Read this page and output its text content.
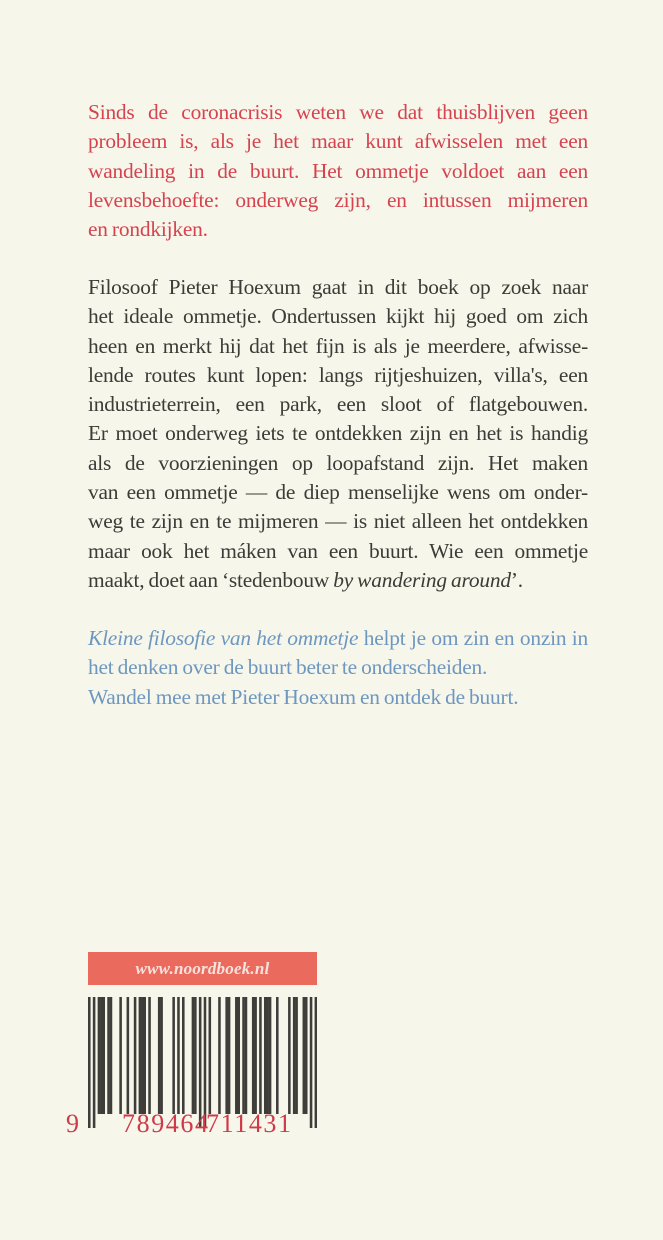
Sinds de coronacrisis weten we dat thuisblijven geen
probleem is, als je het maar kunt afwisselen met een
wandeling in de buurt. Het ommetje voldoet aan een
levensbehoefte: onderweg zijn, en intussen mijmeren
en rondkijken.
Filosoof Pieter Hoexum gaat in dit boek op zoek naar
het ideale ommetje. Ondertussen kijkt hij goed om zich
heen en merkt hij dat het fijn is als je meerdere, afwisse-
lende routes kunt lopen: langs rijtjeshuizen, villa's, een
industrieterrein, een park, een sloot of flatgebouwen.
Er moet onderweg iets te ontdekken zijn en het is handig
als de voorzieningen op loopafstand zijn. Het maken
van een ommetje — de diep menselijke wens om onder-
weg te zijn en te mijmeren — is niet alleen het ontdekken
maar ook het máken van een buurt. Wie een ommetje
maakt, doet aan ‘stedenbouw by wandering around’.
Kleine filosofie van het ommetje helpt je om zin en onzin in
het denken over de buurt beter te onderscheiden.
Wandel mee met Pieter Hoexum en ontdek de buurt.
www.noordboek.nl
9 789464
711431
